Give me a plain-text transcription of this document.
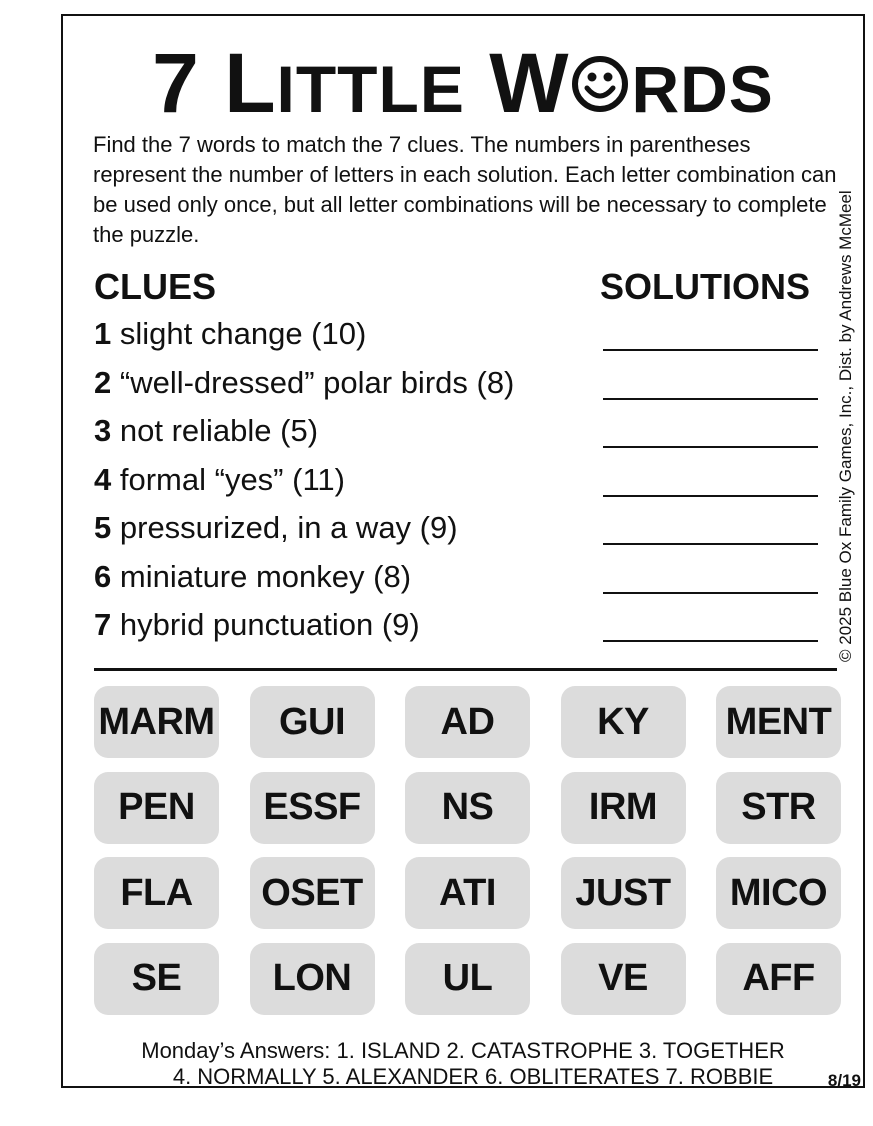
7 LITTLE W RDS
Find the 7 words to match the 7 clues. The numbers in parentheses represent the number of letters in each solution. Each letter combination can be used only once, but all letter combinations will be necessary to complete the puzzle.	© 2025 Blue Ox Family Games, Inc., Dist. by Andrews McMeel
CLUES	SOLUTIONS
1 slight change (10)
2 “well-dressed” polar birds (8)
3 not reliable (5)
4 formal “yes” (11)
5 pressurized, in a way (9)
6 miniature monkey (8)
7 hybrid punctuation (9)
MARM	GUI	AD	KY	MENT
PEN	ESSF	NS	IRM	STR
FLA	OSET	ATI	JUST	MICO
SE	LON	UL	VE	AFF
Monday’s Answers: 1. ISLAND 2. CATASTROPHE 3. TOGETHER
4. NORMALLY 5. ALEXANDER 6. OBLITERATES 7. ROBBIE	8/19
